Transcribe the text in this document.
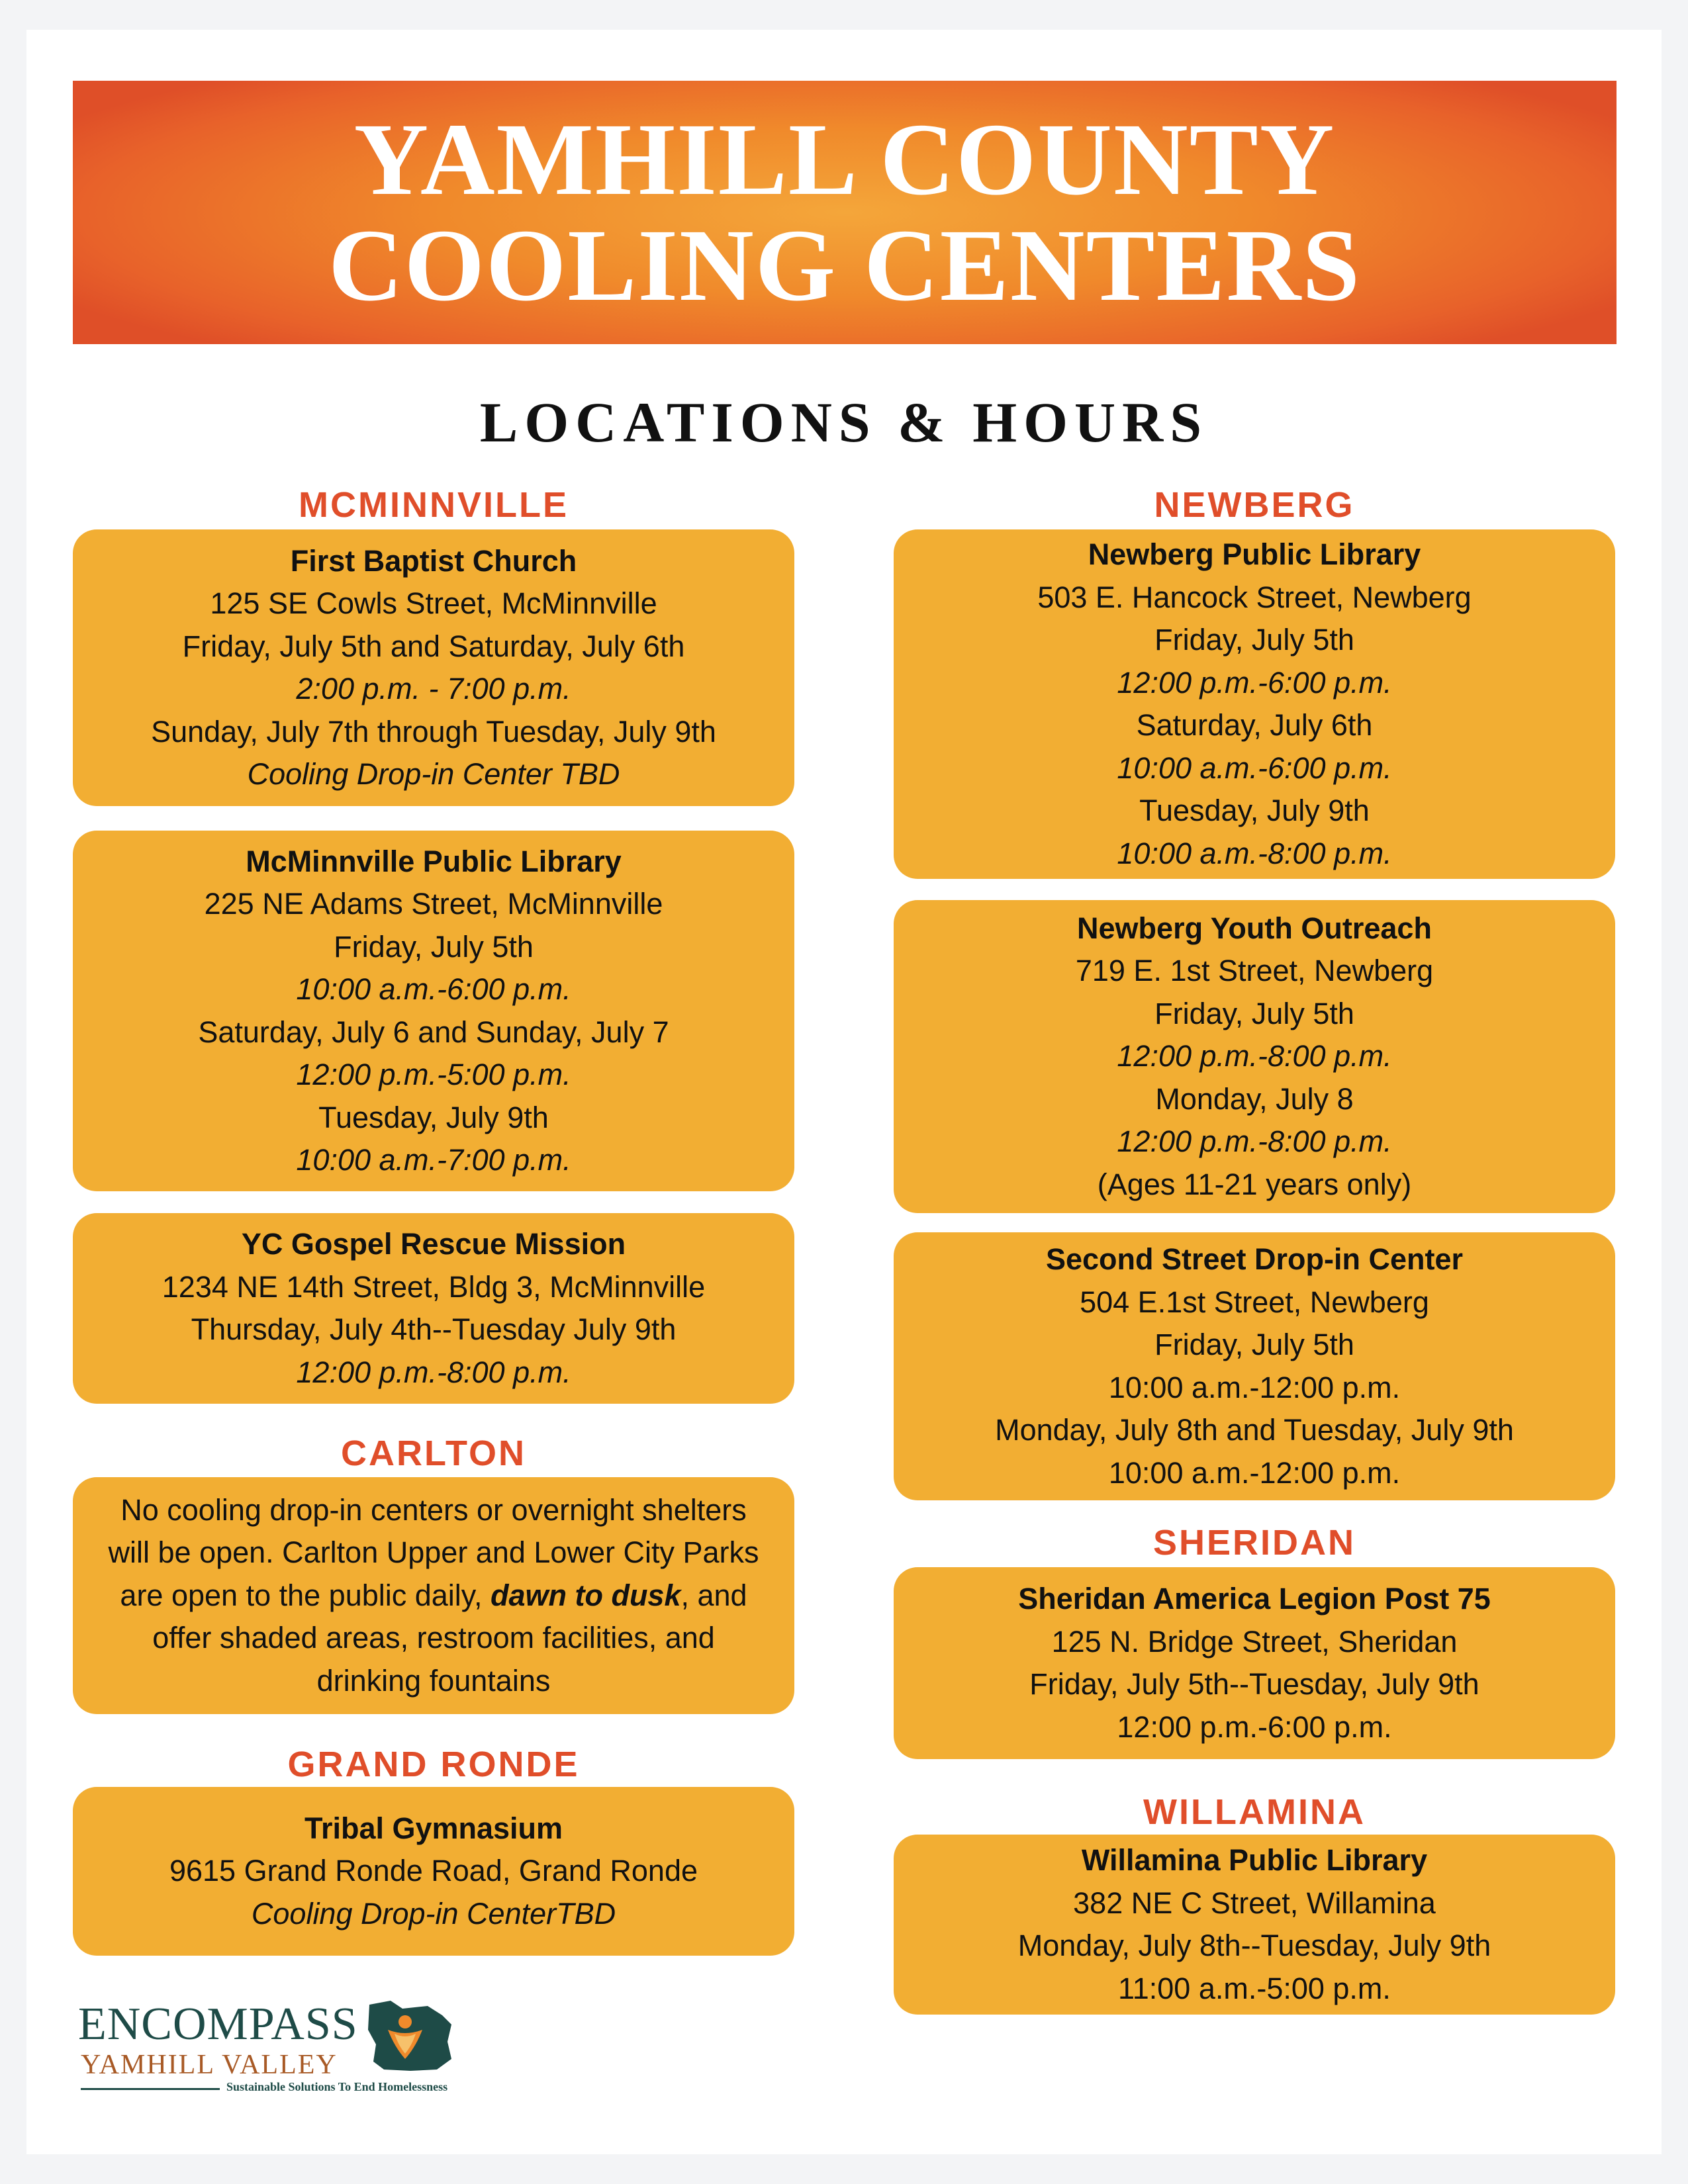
YAMHILL COUNTY
COOLING CENTERS
LOCATIONS & HOURS
MCMINNVILLE
First Baptist Church
125 SE Cowls Street, McMinnville
Friday, July 5th and Saturday, July 6th
2:00 p.m. - 7:00 p.m.
Sunday, July 7th through Tuesday, July 9th
Cooling Drop-in Center TBD
McMinnville Public Library
225 NE Adams Street, McMinnville
Friday, July 5th
10:00 a.m.-6:00 p.m.
Saturday, July 6 and Sunday, July 7
12:00 p.m.-5:00 p.m.
Tuesday, July 9th
10:00 a.m.-7:00 p.m.
YC Gospel Rescue Mission
1234 NE 14th Street, Bldg 3, McMinnville
Thursday, July 4th--Tuesday July 9th
12:00 p.m.-8:00 p.m.
CARLTON
No cooling drop-in centers or overnight shelters will be open. Carlton Upper and Lower City Parks are open to the public daily, dawn to dusk, and offer shaded areas, restroom facilities, and drinking fountains
GRAND RONDE
Tribal Gymnasium
9615 Grand Ronde Road, Grand Ronde
Cooling Drop-in CenterTBD
NEWBERG
Newberg Public Library
503 E. Hancock Street, Newberg
Friday, July 5th
12:00 p.m.-6:00 p.m.
Saturday, July 6th
10:00 a.m.-6:00 p.m.
Tuesday, July 9th
10:00 a.m.-8:00 p.m.
Newberg Youth Outreach
719 E. 1st Street, Newberg
Friday, July 5th
12:00 p.m.-8:00 p.m.
Monday, July 8
12:00 p.m.-8:00 p.m.
(Ages 11-21 years only)
Second Street Drop-in Center
504 E.1st Street, Newberg
Friday, July 5th
10:00 a.m.-12:00 p.m.
Monday, July 8th and Tuesday, July 9th
10:00 a.m.-12:00 p.m.
SHERIDAN
Sheridan America Legion Post 75
125 N. Bridge Street, Sheridan
Friday, July 5th--Tuesday, July 9th
12:00 p.m.-6:00 p.m.
WILLAMINA
Willamina Public Library
382 NE C Street, Willamina
Monday, July 8th--Tuesday, July 9th
11:00 a.m.-5:00 p.m.
ENCOMPASS
YAMHILL VALLEY
Sustainable Solutions To End Homelessness
